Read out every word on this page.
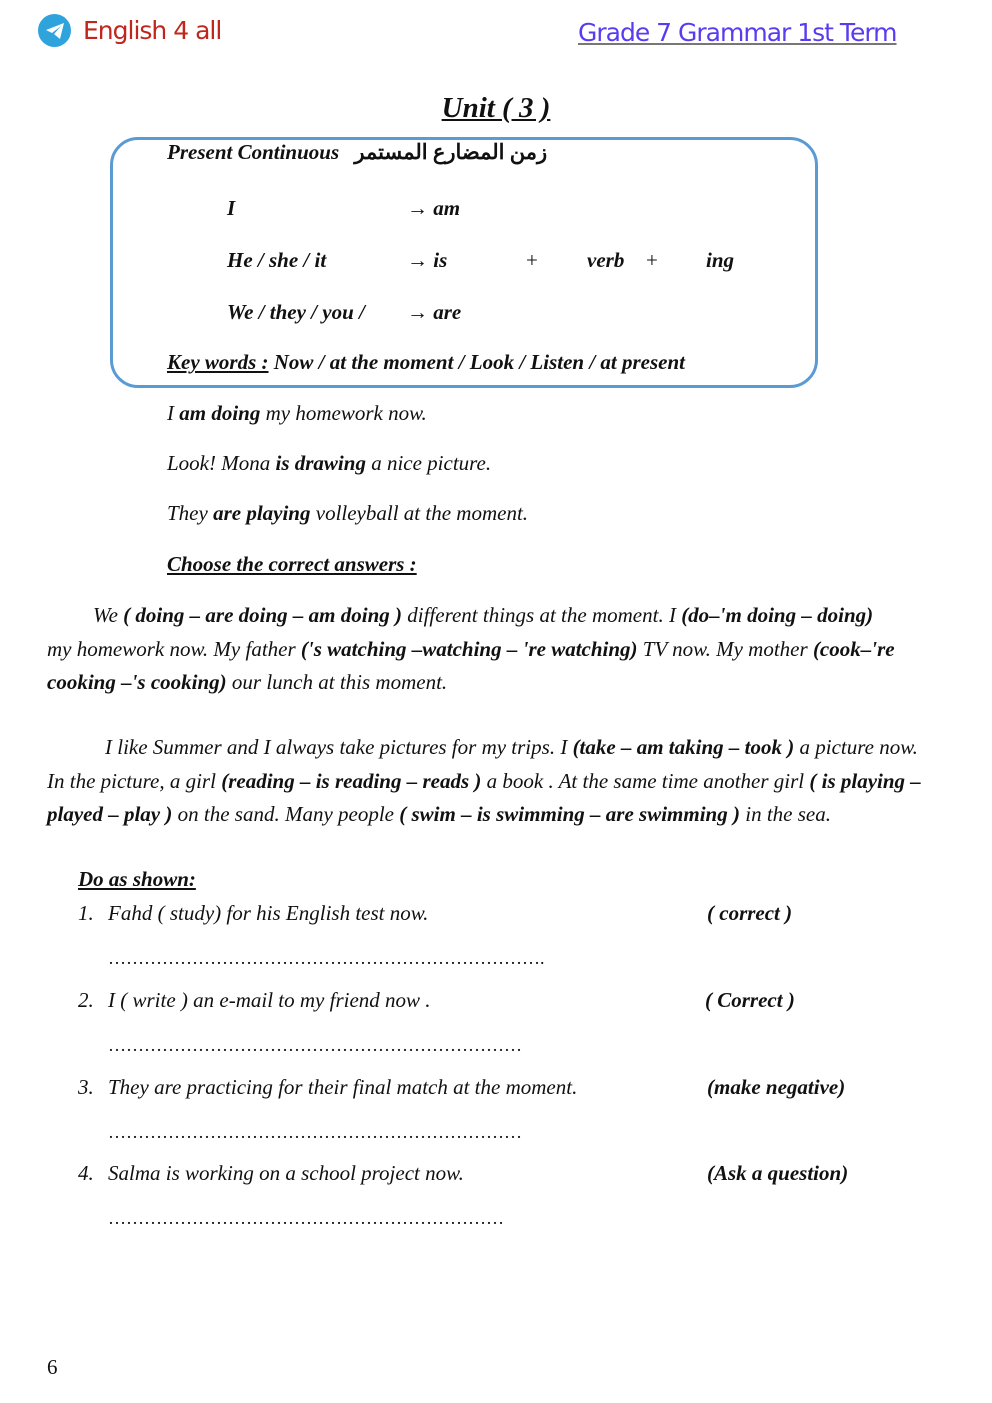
English 4 all	Grade 7 Grammar 1st Term
Unit ( 3 )
Present Continuous زمن المضارع المستمر
I	→ am
He / she / it	→ is	+ verb + ing
We / they / you / → are
Key words : Now / at the moment / Look / Listen / at present
I am doing my homework now.
Look! Mona is drawing a nice picture.
They are playing volleyball at the moment.
Choose the correct answers :
We ( doing – are doing – am doing ) different things at the moment. I (do–'m doing – doing) my homework now. My father ('s watching –watching – 're watching) TV now. My mother (cook–'re cooking –'s cooking) our lunch at this moment.
I like Summer and I always take pictures for my trips. I (take – am taking – took ) a picture now. In the picture, a girl (reading – is reading – reads ) a book . At the same time another girl ( is playing – played – play ) on the sand. Many people ( swim – is swimming – are swimming ) in the sea.
Do as shown:
1. Fahd ( study) for his English test now.	( correct )
……………………………………………………………….
2. I ( write ) an e-mail to my friend now .	( Correct )
……………………………………………………………
3. They are practicing for their final match at the moment.	(make negative)
……………………………………………………………
4. Salma is working on a school project now.	(Ask a question)
…………………………………………………………
6
